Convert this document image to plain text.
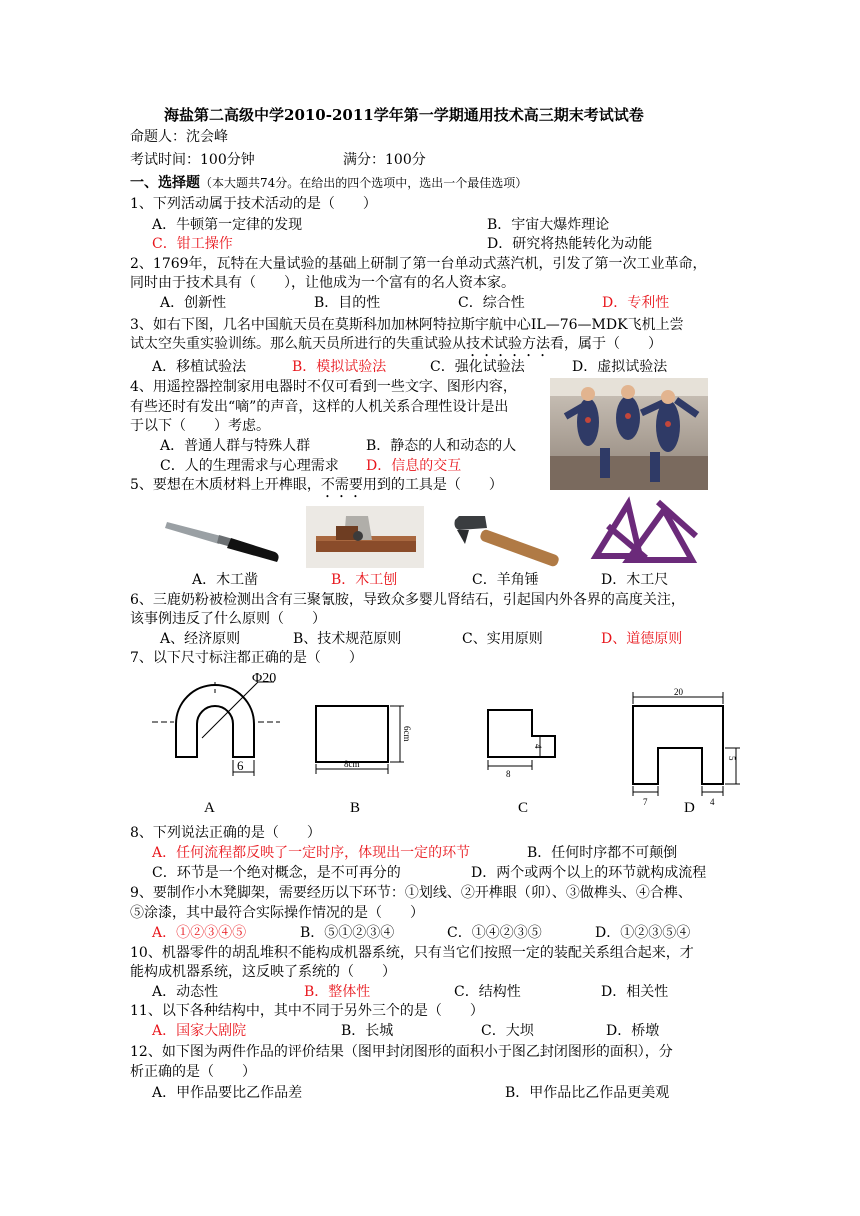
海盐第二高级中学2010-2011学年第一学期通用技术高三期末考试试卷
命题人：沈会峰
考试时间：100分钟	满分：100分
一、选择题（本大题共74分。在给出的四个选项中，选出一个最佳选项）
1、下列活动属于技术活动的是（　　）
A．牛顿第一定律的发现	B．宇宙大爆炸理论
C．钳工操作	D．研究将热能转化为动能
2、1769年，瓦特在大量试验的基础上研制了第一台单动式蒸汽机，引发了第一次工业革命，
同时由于技术具有（　　），让他成为一个富有的名人资本家。
A．创新性	B．目的性	C．综合性	D．专利性
3、如右下图，几名中国航天员在莫斯科加加林阿特拉斯宇航中心IL—76—MDK飞机上尝
试太空失重实验训练。那么航天员所进行的失重试验从技术试验方法看，属于（　　）
A．移植试验法	B．模拟试验法	C．强化试验法	D．虚拟试验法
4、用遥控器控制家用电器时不仅可看到一些文字、图形内容，
有些还时有发出“嘀”的声音，这样的人机关系合理性设计是出
于以下（　　）考虑。
A．普通人群与特殊人群	B．静态的人和动态的人
C．人的生理需求与心理需求 D．信息的交互
5、要想在木质材料上开榫眼，不需要用到的工具是（　　）
A．木工凿	B．木工刨	C．羊角锤	D．木工尺
6、三鹿奶粉被检测出含有三聚氰胺，导致众多婴儿肾结石，引起国内外各界的高度关注，
该事例违反了什么原则（　　）
A、经济原则	B、技术规范原则	C、实用原则	D、道德原则
7、以下尺寸标注都正确的是（　　）
Φ20
6	8cm
6cm
8
4
20
7	4
5
A	B	C	D
8、下列说法正确的是（　　）
A．任何流程都反映了一定时序，体现出一定的环节	B．任何时序都不可颠倒
C．环节是一个绝对概念，是不可再分的	D．两个或两个以上的环节就构成流程
9、要制作小木凳脚架，需要经历以下环节：①划线、②开榫眼（卯）、③做榫头、④合榫、
⑤涂漆，其中最符合实际操作情况的是（　　）
A．①②③④⑤	B．⑤①②③④	C．①④②③⑤	D．①②③⑤④
10、机器零件的胡乱堆积不能构成机器系统，只有当它们按照一定的装配关系组合起来，才
能构成机器系统，这反映了系统的（　　）
A．动态性	B．整体性	C．结构性	D．相关性
11、以下各种结构中，其中不同于另外三个的是（　　）
A．国家大剧院	B．长城	C．大坝	D．桥墩
12、如下图为两件作品的评价结果（图甲封闭图形的面积小于图乙封闭图形的面积），分
析正确的是（　　）
A．甲作品要比乙作品差	B．甲作品比乙作品更美观
